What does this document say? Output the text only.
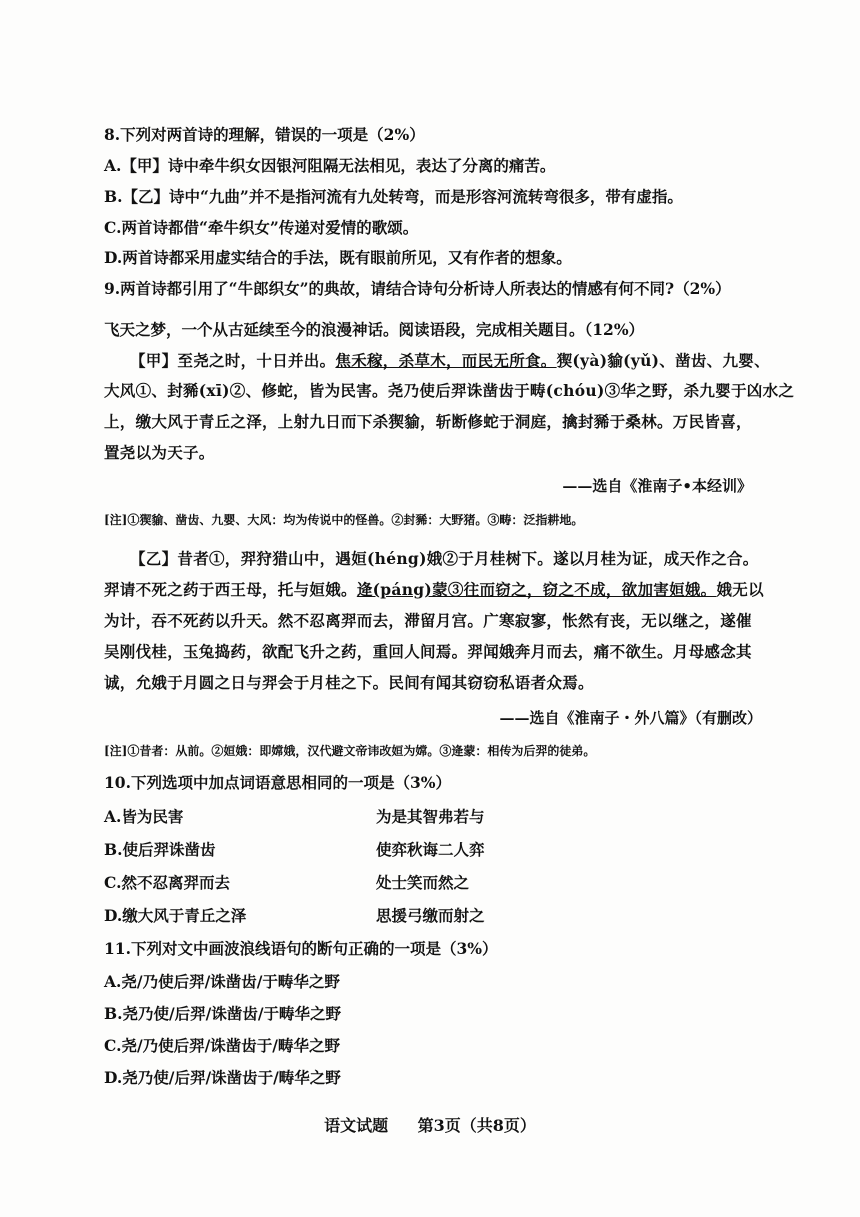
8.下列对两首诗的理解，错误的一项是（2%）
A.【甲】诗中牵牛织女因银河阻隔无法相见，表达了分离的痛苦。
B.【乙】诗中“九曲”并不是指河流有九处转弯，而是形容河流转弯很多，带有虚指。
C.两首诗都借“牵牛织女”传递对爱情的歌颂。
D.两首诗都采用虚实结合的手法，既有眼前所见，又有作者的想象。
9.两首诗都引用了“牛郎织女”的典故，请结合诗句分析诗人所表达的情感有何不同?（2%）
飞天之梦，一个从古延续至今的浪漫神话。阅读语段，完成相关题目。（12%）
【甲】至尧之时，十日并出。焦禾稼，杀草木，而民无所食。猰(yà)貐(yǔ)、凿齿、九婴、
大风①、封豨(xī)②、修蛇，皆为民害。尧乃使后羿诛凿齿于畴(chóu)③华之野，杀九婴于凶水之
上，缴大风于青丘之泽，上射九日而下杀猰貐，斩断修蛇于洞庭，擒封豨于桑林。万民皆喜，
置尧以为天子。
——选自《淮南子•本经训》
[注]①猰貐、凿齿、九婴、大风：均为传说中的怪兽。②封豨：大野猪。③畴：泛指耕地。
【乙】昔者①，羿狩猎山中，遇姮(héng)娥②于月桂树下。遂以月桂为证，成天作之合。
羿请不死之药于西王母，托与姮娥。逄(páng)蒙③往而窃之，窃之不成，欲加害姮娥。娥无以
为计，吞不死药以升天。然不忍离羿而去，滞留月宫。广寒寂寥，怅然有丧，无以继之，遂催
吴刚伐桂，玉兔捣药，欲配飞升之药，重回人间焉。羿闻娥奔月而去，痛不欲生。月母感念其
诚，允娥于月圆之日与羿会于月桂之下。民间有闻其窃窃私语者众焉。
——选自《淮南子・外八篇》（有删改）
[注]①昔者：从前。②姮娥：即嫦娥，汉代避文帝讳改姮为嫦。③逄蒙：相传为后羿的徒弟。
10.下列选项中加点词语意思相同的一项是（3%）
A.皆为民害	为是其智弗若与
B.使后羿诛凿齿	使弈秋诲二人弈
C.然不忍离羿而去	处士笑而然之
D.缴大风于青丘之泽	思援弓缴而射之
11.下列对文中画波浪线语句的断句正确的一项是（3%）
A.尧/乃使后羿/诛凿齿/于畴华之野
B.尧乃使/后羿/诛凿齿/于畴华之野
C.尧/乃使后羿/诛凿齿于/畴华之野
D.尧乃使/后羿/诛凿齿于/畴华之野
语文试题 第3页（共8页）
